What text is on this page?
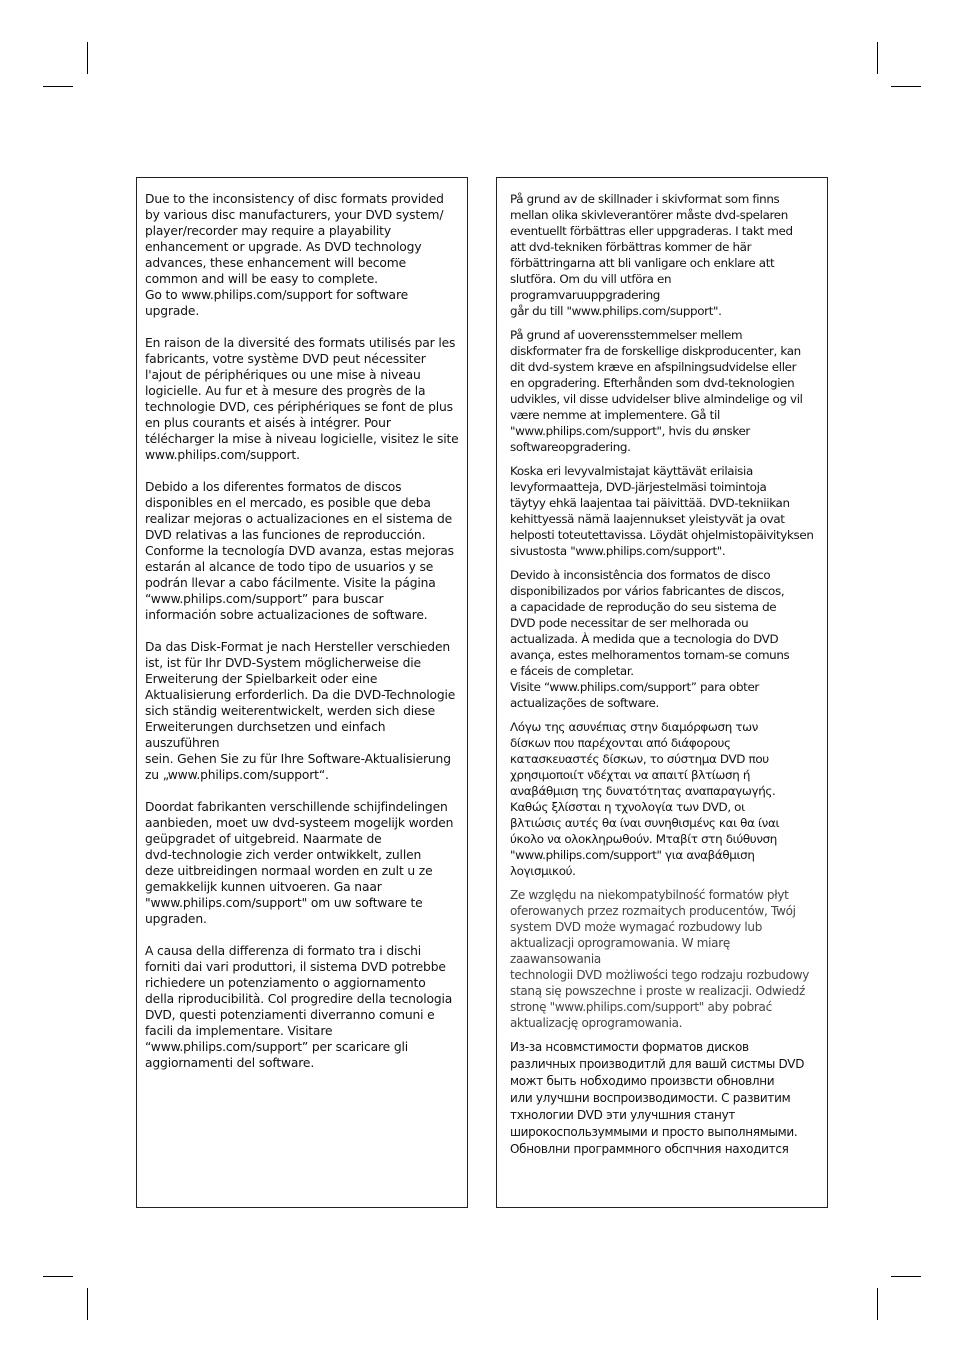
Due to the inconsistency of disc formats provided
by various disc manufacturers, your DVD system/
player/recorder may require a playability
enhancement or upgrade. As DVD technology
advances, these enhancement will become
common and will be easy to complete.
Go to www.philips.com/support for software upgrade.

En raison de la diversité des formats utilisés par les
fabricants, votre système DVD peut nécessiter
l'ajout de périphériques ou une mise à niveau
logicielle. Au fur et à mesure des progrès de la
technologie DVD, ces périphériques se font de plus
en plus courants et aisés à intégrer. Pour
télécharger la mise à niveau logicielle, visitez le site
www.philips.com/support.

Debido a los diferentes formatos de discos
disponibles en el mercado, es posible que deba
realizar mejoras o actualizaciones en el sistema de
DVD relativas a las funciones de reproducción.
Conforme la tecnología DVD avanza, estas mejoras
estarán al alcance de todo tipo de usuarios y se
podrán llevar a cabo fácilmente. Visite la página
“www.philips.com/support” para buscar
información sobre actualizaciones de software.

Da das Disk-Format je nach Hersteller verschieden
ist, ist für Ihr DVD-System möglicherweise die
Erweiterung der Spielbarkeit oder eine
Aktualisierung erforderlich. Da die DVD-Technologie
sich ständig weiterentwickelt, werden sich diese
Erweiterungen durchsetzen und einfach auszuführen
sein. Gehen Sie zu für Ihre Software-Aktualisierung
zu „www.philips.com/support“.

Doordat fabrikanten verschillende schijfindelingen
aanbieden, moet uw dvd-systeem mogelijk worden
geüpgradet of uitgebreid. Naarmate de
dvd-technologie zich verder ontwikkelt, zullen
deze uitbreidingen normaal worden en zult u ze
gemakkelijk kunnen uitvoeren. Ga naar
"www.philips.com/support" om uw software te
upgraden.

A causa della differenza di formato tra i dischi
forniti dai vari produttori, il sistema DVD potrebbe
richiedere un potenziamento o aggiornamento
della riproducibilità. Col progredire della tecnologia
DVD, questi potenziamenti diverranno comuni e
facili da implementare. Visitare
“www.philips.com/support” per scaricare gli
aggiornamenti del software.

På grund av de skillnader i skivformat som finns
mellan olika skivleverantörer måste dvd-spelaren
eventuellt förbättras eller uppgraderas. I takt med
att dvd-tekniken förbättras kommer de här
förbättringarna att bli vanligare och enklare att
slutföra. Om du vill utföra en programvaruuppgradering
går du till "www.philips.com/support".

På grund af uoverensstemmelser mellem
diskformater fra de forskellige diskproducenter, kan
dit dvd-system kræve en afspilningsudvidelse eller
en opgradering. Efterhånden som dvd-teknologien
udvikles, vil disse udvidelser blive almindelige og vil
være nemme at implementere. Gå til
"www.philips.com/support", hvis du ønsker
softwareopgradering.

Koska eri levyvalmistajat käyttävät erilaisia
levyformaatteja, DVD-järjestelmäsi toimintoja
täytyy ehkä laajentaa tai päivittää. DVD-tekniikan
kehittyessä nämä laajennukset yleistyvät ja ovat
helposti toteutettavissa. Löydät ohjelmistopäivityksen
sivustosta "www.philips.com/support".

Devido à inconsistência dos formatos de disco
disponibilizados por vários fabricantes de discos,
a capacidade de reprodução do seu sistema de
DVD pode necessitar de ser melhorada ou
actualizada. À medida que a tecnologia do DVD
avança, estes melhoramentos tornam-se comuns
e fáceis de completar.
Visite “www.philips.com/support” para obter
actualizações de software.

Λόγω της ασυνέπιας στην διαμόρφωση των
δίσκων που παρέχονται από διάφορους
κατασκευαστές δίσκων, το σύστημα DVD που
χρησιμοποιίτ νδέχται να απαιτί βλτίωση ή
αναβάθμιση της δυνατότητας αναπαραγωγής.
Καθώς ξλίσσται η τχνολογία των DVD, οι
βλτιώσις αυτές θα ίναι συνηθισμένς και θα ίναι
ύκολο να ολοκληρωθούν. Μταβίτ στη διύθυνση
"www.philips.com/support" για αναβάθμιση
λογισμικού.

Ze względu na niekompatybilność formatów płyt
oferowanych przez rozmaitych producentów, Twój
system DVD może wymagać rozbudowy lub
aktualizacji oprogramowania. W miarę zaawansowania
technologii DVD możliwości tego rodzaju rozbudowy
staną się powszechne i proste w realizacji. Odwiedź
stronę "www.philips.com/support" aby pobrać
aktualizację oprogramowania.

Из-за нсовмстимости форматов дисков
различных производитлй для вашй систмы DVD
можт быть нобходимо произвсти обновлни
или улучшни воспроизводимости. С развитим
тхнологии DVD эти улучшния станут
широкоспользуммыми и просто выполнямыми.
Обновлни программного обспчния находится
